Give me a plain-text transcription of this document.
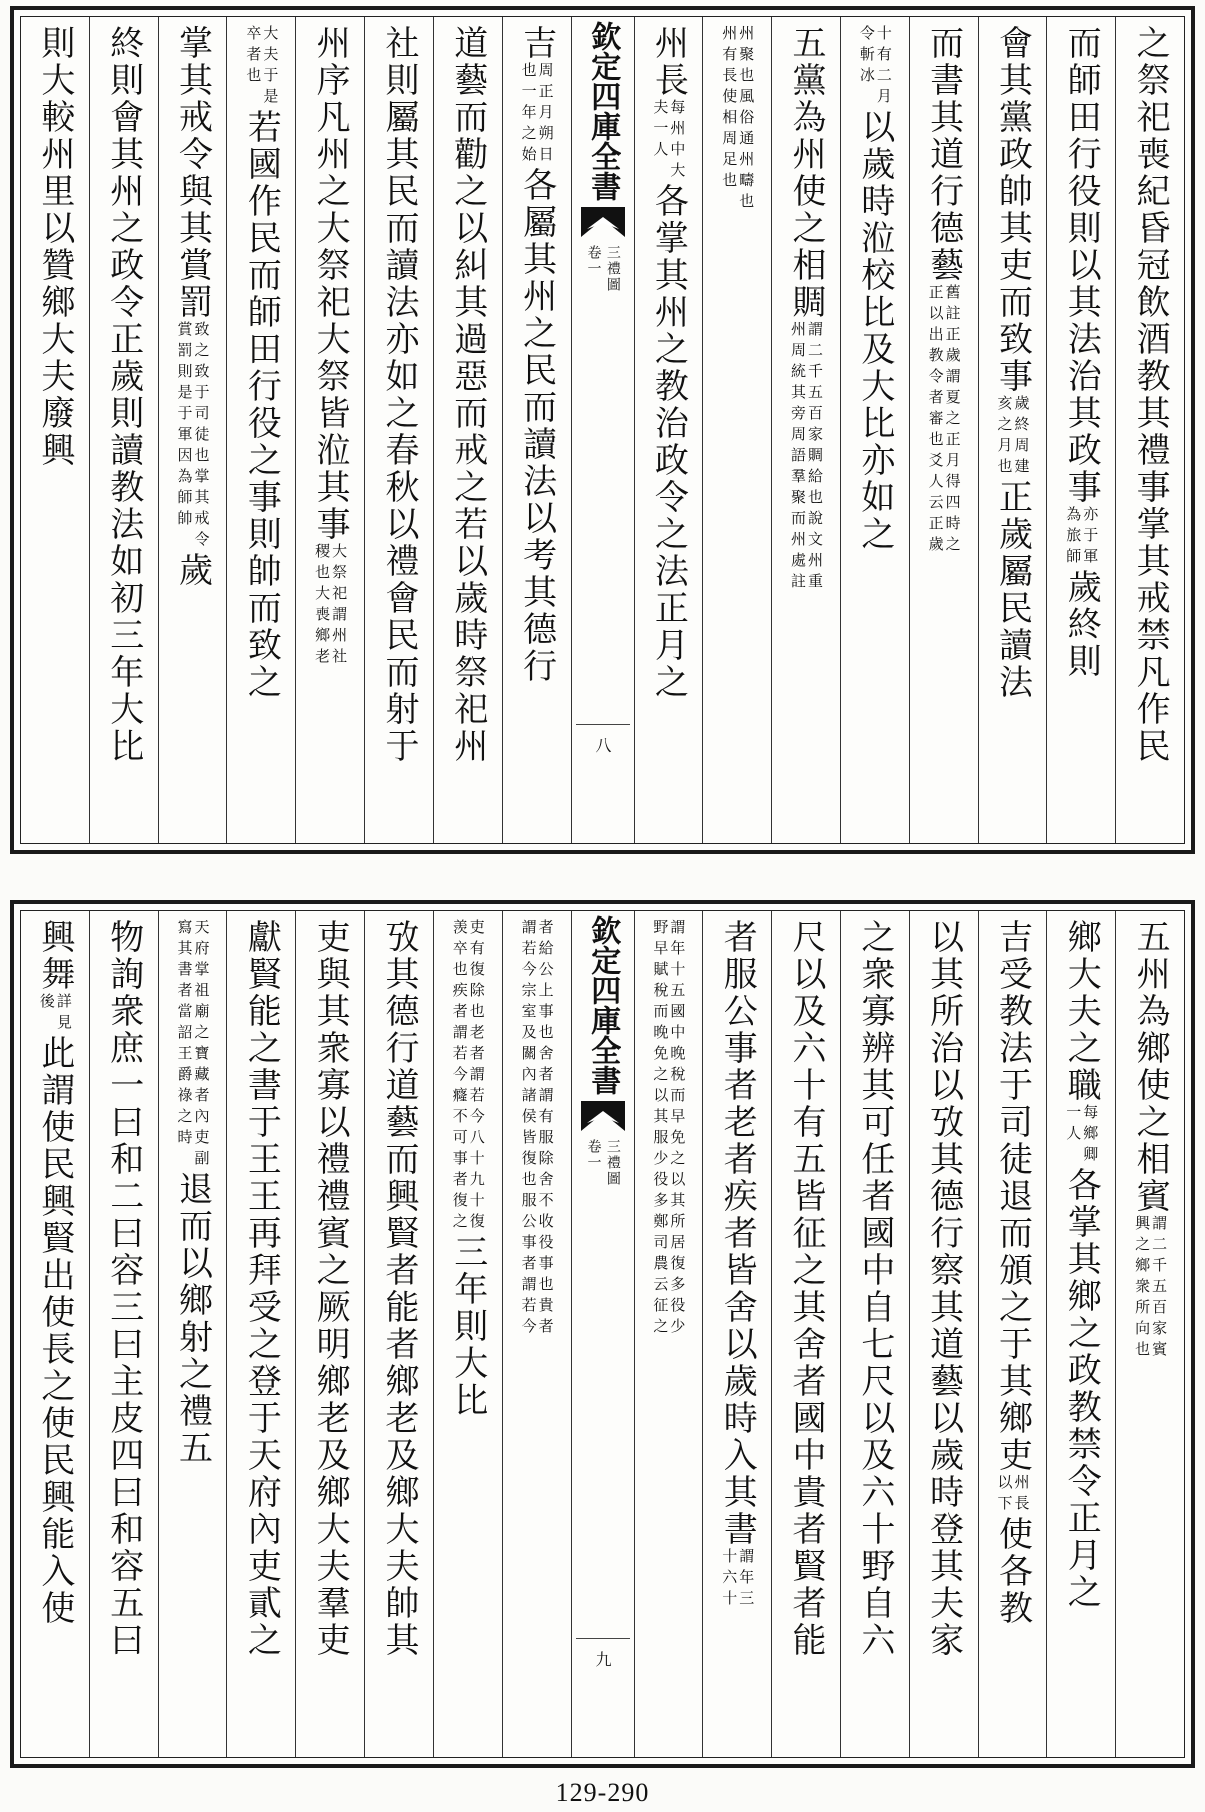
之祭祀喪紀昏冠飲酒教其禮事掌其戒禁凡作民
而師田行役則以其法治其政事
亦于軍
為旅師
歲終則
會其黨政帥其吏而致事
歲終周建
亥之月也
正歲屬民讀法
而書其道行德藝
舊註正歲謂夏之正月得四時之
正以出教令者審也爻人云正歲
十有二月
令斬冰
以歲時涖校比及大比亦如之
五黨為州使之相賙
謂二千五百家賙給也說文州重
州周統其旁周語羣聚而州處註
州聚也風俗通州疇也
州有長使相周足也
州長
每州中大
夫一人
各掌其州之教治政令之法正月之
欽定四庫全書
三禮圖
卷一
八
吉
周正月朔日
也一年之始
各屬其州之民而讀法以考其德行
道藝而勸之以糾其過惡而戒之若以歲時祭祀州
社則屬其民而讀法亦如之春秋以禮會民而射于
州序凡州之大祭祀大祭皆涖其事
大祭祀謂州社
稷也大喪鄉老
大夫于是
卒者也
若國作民而師田行役之事則帥而致之
掌其戒令與其賞罰
致之致于司徒也掌其戒令
賞罰則是于軍因為師帥
歲
終則會其州之政令正歲則讀教法如初三年大比
則大較州里以贊鄉大夫廢興
五州為鄉使之相賓
謂二千五百家賓
興之鄉衆所向也
鄉大夫之職
每鄉卿
一人
各掌其鄉之政教禁令正月之
吉受教法于司徒退而頒之于其鄉吏
州長
以下
使各教
以其所治以攷其德行察其道藝以歲時登其夫家
之衆寡辨其可任者國中自七尺以及六十野自六
尺以及六十有五皆征之其舍者國中貴者賢者能
者服公事者老者疾者皆舍以歲時入其書
謂年三
十六十
謂年十五國中晚稅而早免之以其所居復多役少
野早賦稅而晚免之以其服少役多鄭司農云征之
欽定四庫全書
三禮圖
卷一
九
者給公上事也舍者謂有服除舍不收役事也貴者
謂若今宗室及關內諸侯皆復也服公事者謂若今
吏有復除也老者謂若今八十九十復
羡卒也疾者謂若今癃不可事者復之
三年則大比
攷其德行道藝而興賢者能者鄉老及鄉大夫帥其
吏與其衆寡以禮禮賓之厥明鄉老及鄉大夫羣吏
獻賢能之書于王王再拜受之登于天府內吏貳之
天府掌祖廟之寶藏者內吏副
寫其書者當詔王爵祿之時
退而以鄉射之禮五
物詢衆庶一曰和二曰容三曰主皮四曰和容五曰
興舞
詳見
後
此謂使民興賢出使長之使民興能入使
129-290
